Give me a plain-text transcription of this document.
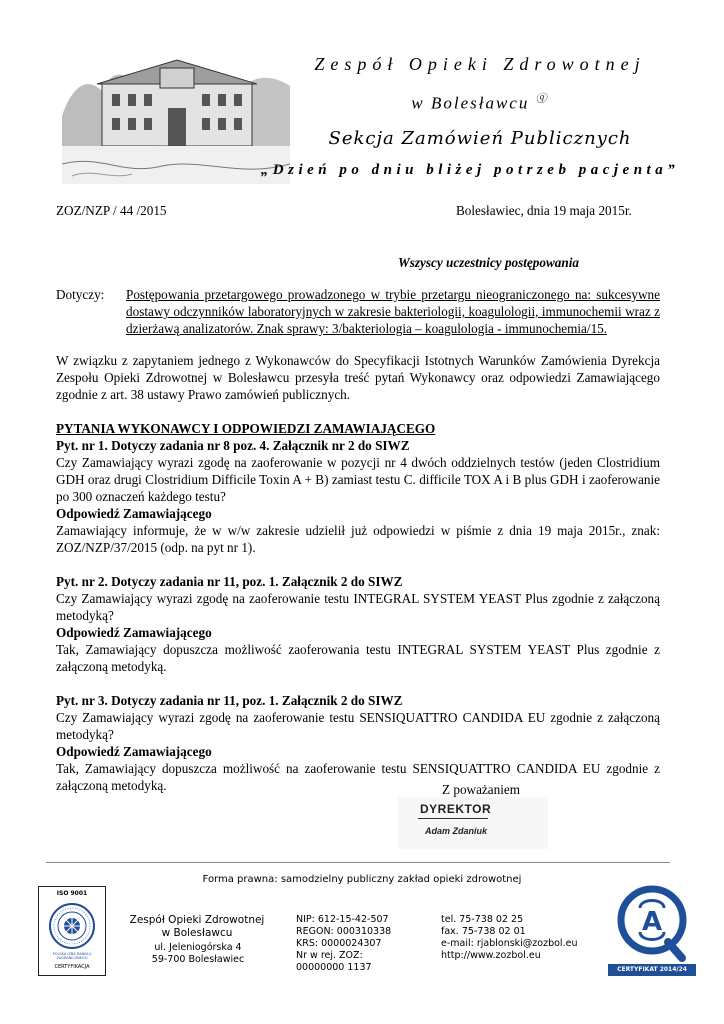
Zespół Opieki Zdrowotnej
w Bolesławcu ⓠ
Sekcja Zamówień Publicznych
„Dzień po dniu bliżej potrzeb pacjenta”
ZOZ/NZP / 44 /2015	Bolesławiec, dnia 19 maja 2015r.
Wszyscy uczestnicy postępowania
Dotyczy: Postępowania przetargowego prowadzonego w trybie przetargu nieograniczonego na: sukcesywne dostawy odczynników laboratoryjnych w zakresie bakteriologii, koagulologii, immunochemii wraz z dzierżawą analizatorów. Znak sprawy: 3/bakteriologia – koagulologia - immunochemia/15.
W związku z zapytaniem jednego z Wykonawców do Specyfikacji Istotnych Warunków Zamówienia Dyrekcja Zespołu Opieki Zdrowotnej w Bolesławcu przesyła treść pytań Wykonawcy oraz odpowiedzi Zamawiającego zgodnie z art. 38 ustawy Prawo zamówień publicznych.
PYTANIA WYKONAWCY I ODPOWIEDZI ZAMAWIAJĄCEGO
Pyt. nr 1. Dotyczy zadania nr 8 poz. 4. Załącznik nr 2 do SIWZ
Czy Zamawiający wyrazi zgodę na zaoferowanie w pozycji nr 4 dwóch oddzielnych testów (jeden Clostridium GDH oraz drugi Clostridium Difficile Toxin A + B) zamiast testu C. difficile TOX A i B plus GDH i zaoferowanie po 300 oznaczeń każdego testu?
Odpowiedź Zamawiającego
Zamawiający informuje, że w w/w zakresie udzielił już odpowiedzi w piśmie z dnia 19 maja 2015r., znak: ZOZ/NZP/37/2015 (odp. na pyt nr 1).
Pyt. nr 2. Dotyczy zadania nr 11, poz. 1. Załącznik 2 do SIWZ
Czy Zamawiający wyrazi zgodę na zaoferowanie testu INTEGRAL SYSTEM YEAST Plus zgodnie z załączoną metodyką?
Odpowiedź Zamawiającego
Tak, Zamawiający dopuszcza możliwość zaoferowania testu INTEGRAL SYSTEM YEAST Plus zgodnie z załączoną metodyką.
Pyt. nr 3. Dotyczy zadania nr 11, poz. 1. Załącznik 2 do SIWZ
Czy Zamawiający wyrazi zgodę na zaoferowanie testu SENSIQUATTRO CANDIDA EU zgodnie z załączoną metodyką?
Odpowiedź Zamawiającego
Tak, Zamawiający dopuszcza możliwość na zaoferowanie testu SENSIQUATTRO CANDIDA EU zgodnie z załączoną metodyką.	Z poważaniem
DYREKTOR
Adam Zdaniuk
Forma prawna: samodzielny publiczny zakład opieki zdrowotnej
ISO 9001
POLSKA IZBA HANDLU ZAGRANICZNEGO
CERTYFIKACJA
Zespół Opieki Zdrowotnej
w Bolesławcu
ul. Jeleniogórska 4
59-700 Bolesławiec
NIP: 612-15-42-507
REGON: 000310338
KRS: 0000024307
Nr w rej. ZOZ:
00000000 1137
tel. 75-738 02 25
fax. 75-738 02 01
e-mail: rjablonski@zozbol.eu
http://www.zozbol.eu
A
CERTYFIKAT 2014/24
